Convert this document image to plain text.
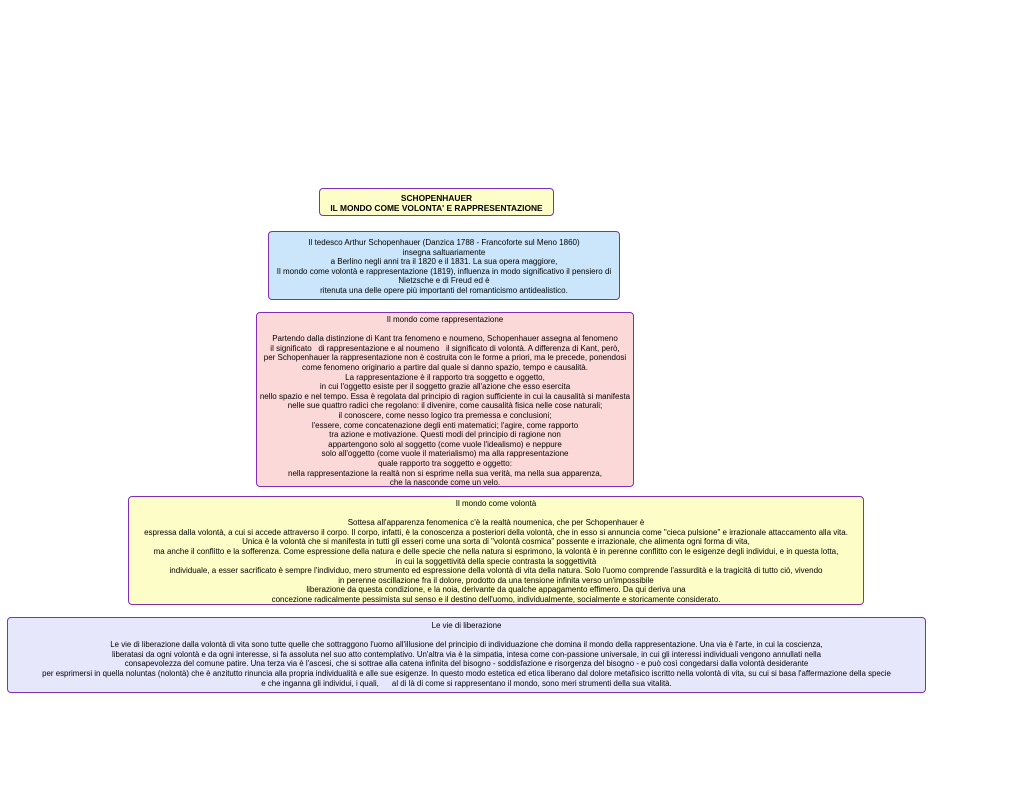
SCHOPENHAUER
IL MONDO COME VOLONTA' E RAPPRESENTAZIONE
Il tedesco Arthur Schopenhauer (Danzica 1788 - Francoforte sul Meno 1860)
insegna saltuariamente
a Berlino negli anni tra il 1820 e il 1831. La sua opera maggiore,
Il mondo come volontà e rappresentazione (1819), influenza in modo significativo il pensiero di
Nietzsche e di Freud ed è
ritenuta una delle opere più importanti del romanticismo antidealistico.
Il mondo come rappresentazione
Partendo dalla distinzione di Kant tra fenomeno e noumeno, Schopenhauer assegna al fenomeno
il significato   di rappresentazione e al noumeno   il significato di volontà. A differenza di Kant, però,
per Schopenhauer la rappresentazione non è costruita con le forme a priori, ma le precede, ponendosi
come fenomeno originario a partire dal quale si danno spazio, tempo e causalità.
La rappresentazione è il rapporto tra soggetto e oggetto,
in cui l'oggetto esiste per il soggetto grazie all'azione che esso esercita
nello spazio e nel tempo. Essa è regolata dal principio di ragion sufficiente in cui la causalità si manifesta
nelle sue quattro radici che regolano: il divenire, come causalità fisica nelle cose naturali;
il conoscere, come nesso logico tra premessa e conclusioni;
l'essere, come concatenazione degli enti matematici; l'agire, come rapporto
tra azione e motivazione. Questi modi del principio di ragione non
appartengono solo al soggetto (come vuole l'idealismo) e neppure
solo all'oggetto (come vuole il materialismo) ma alla rappresentazione
quale rapporto tra soggetto e oggetto:
nella rappresentazione la realtà non si esprime nella sua verità, ma nella sua apparenza,
che la nasconde come un velo.
Il mondo come volontà
Sottesa all'apparenza fenomenica c'è la realtà noumenica, che per Schopenhauer è
espressa dalla volontà, a cui si accede attraverso il corpo. Il corpo, infatti, è la conoscenza a posteriori della volontà, che in esso si annuncia come "cieca pulsione" e irrazionale attaccamento alla vita.
Unica è la volontà che si manifesta in tutti gli esseri come una sorta di "volontà cosmica" possente e irrazionale, che alimenta ogni forma di vita,
ma anche il conflitto e la sofferenza. Come espressione della natura e delle specie che nella natura si esprimono, la volontà è in perenne conflitto con le esigenze degli individui, e in questa lotta,
in cui la soggettività della specie contrasta la soggettività
individuale, a esser sacrificato è sempre l'individuo, mero strumento ed espressione della volontà di vita della natura. Solo l'uomo comprende l'assurdità e la tragicità di tutto ciò, vivendo
in perenne oscillazione fra il dolore, prodotto da una tensione infinita verso un'impossibile
liberazione da questa condizione, e la noia, derivante da qualche appagamento effimero. Da qui deriva una
concezione radicalmente pessimista sul senso e il destino dell'uomo, individualmente, socialmente e storicamente considerato.
Le vie di liberazione
Le vie di liberazione dalla volontà di vita sono tutte quelle che sottraggono l'uomo all'illusione del principio di individuazione che domina il mondo della rappresentazione. Una via è l'arte, in cui la coscienza,
liberatasi da ogni volontà e da ogni interesse, si fa assoluta nel suo atto contemplativo. Un'altra via è la simpatia, intesa come con-passione universale, in cui gli interessi individuali vengono annullati nella
consapevolezza del comune patire. Una terza via è l'ascesi, che si sottrae alla catena infinita del bisogno - soddisfazione e risorgenza del bisogno - e può così congedarsi dalla volontà desiderante
per esprimersi in quella noluntas (nolontà) che è anzitutto rinuncia alla propria individualità e alle sue esigenze. In questo modo estetica ed etica liberano dal dolore metafisico iscritto nella volontà di vita, su cui si basa l'affermazione della specie
e che inganna gli individui, i quali,      al di là di come si rappresentano il mondo, sono meri strumenti della sua vitalità.
